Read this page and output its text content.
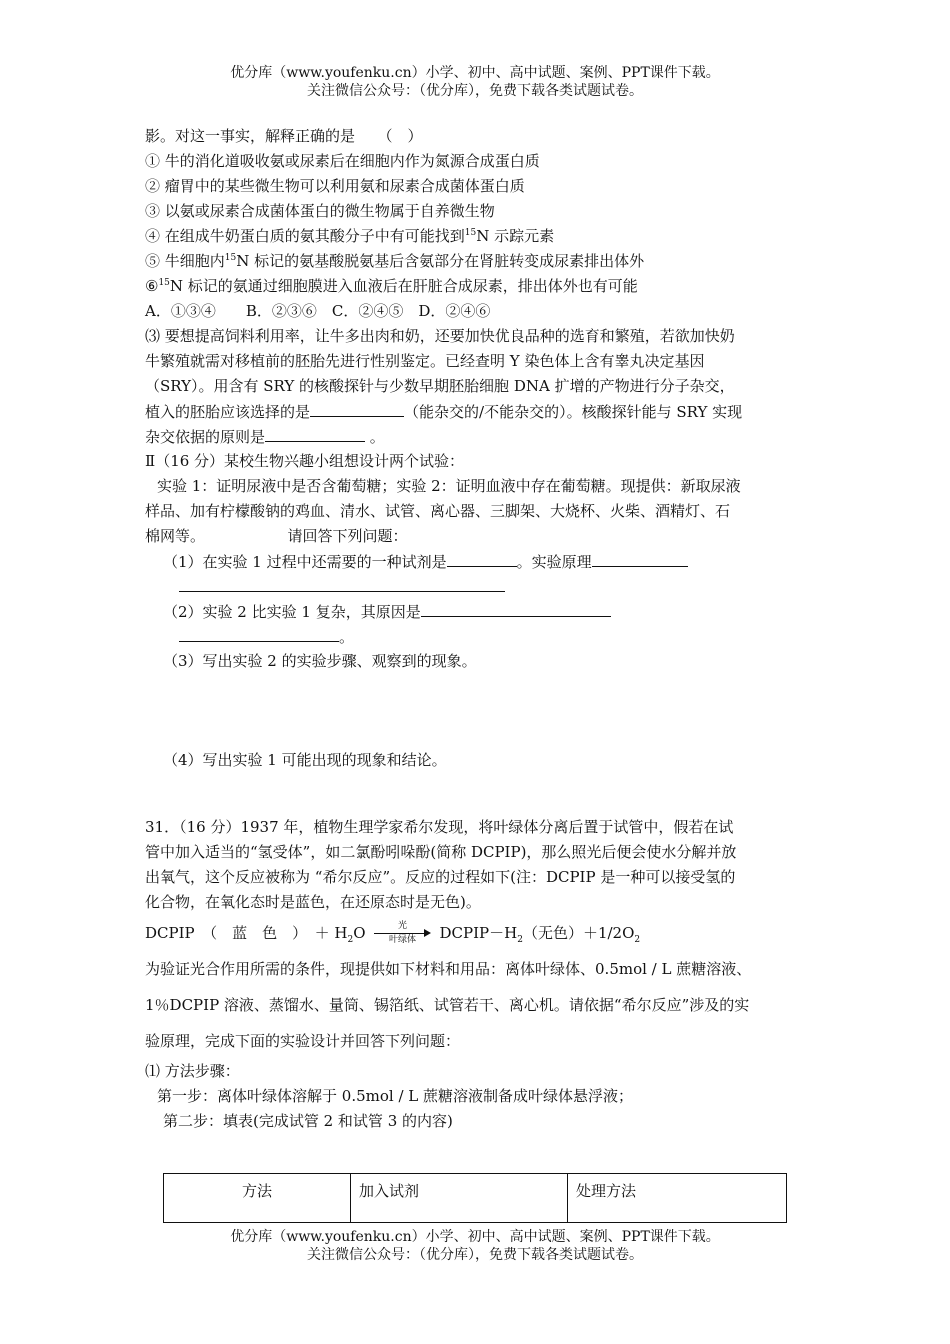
优分库（www.youfenku.cn）小学、初中、高中试题、案例、PPT课件下载。
关注微信公众号：（优分库），免费下载各类试题试卷。
影。对这一事实，解释正确的是　　（　）
① 牛的消化道吸收氨或尿素后在细胞内作为氮源合成蛋白质
② 瘤胃中的某些微生物可以利用氨和尿素合成菌体蛋白质
③ 以氨或尿素合成菌体蛋白的微生物属于自养微生物
④ 在组成牛奶蛋白质的氨其酸分子中有可能找到$^{15}$N 示踪元素
⑤ 牛细胞内$^{15}$N 标记的氨基酸脱氨基后含氨部分在肾脏转变成尿素排出体外
⑥$^{15}$N 标记的氨通过细胞膜进入血液后在肝脏合成尿素，排出体外也有可能
A．①③④　　B．②③⑥　C．②④⑤　D．②④⑥
⑶ 要想提高饲料利用率，让牛多出肉和奶，还要加快优良品种的选育和繁殖，若欲加快奶
牛繁殖就需对移植前的胚胎先进行性别鉴定。已经查明 Y 染色体上含有睾丸决定基因
（SRY）。用含有 SRY 的核酸探针与少数早期胚胎细胞 DNA 扩增的产物进行分子杂交，
植入的胚胎应该选择的是	（能杂交的/不能杂交的）。核酸探针能与 SRY 实现
杂交依据的原则是	。
Ⅱ（16 分）某校生物兴趣小组想设计两个试验：
实验 1：证明尿液中是否含葡萄糖；实验 2：证明血液中存在葡萄糖。现提供：新取尿液
样品、加有柠檬酸钠的鸡血、清水、试管、离心器、三脚架、大烧杯、火柴、酒精灯、石
棉网等。　　　　　　请回答下列问题：
（1）在实验 1 过程中还需要的一种试剂是	。实验原理
（2）实验 2 比实验 1 复杂，其原因是
。
（3）写出实验 2 的实验步骤、观察到的现象。
（4）写出实验 1 可能出现的现象和结论。
31．（16 分）1937 年，植物生理学家希尔发现，将叶绿体分离后置于试管中，假若在试
管中加入适当的“氢受体”，如二氯酚吲哚酚(简称 DCPIP)，那么照光后便会使水分解并放
出氧气，这个反应被称为 “希尔反应”。反应的过程如下(注：DCPIP 是一种可以接受氢的
化合物，在氧化态时是蓝色，在还原态时是无色)。
DCPIP　（　蓝　色　）　＋ $H_2O$	光
叶绿体	$DCPIP-H_2$（无色）$+1/2O_2$
为验证光合作用所需的条件，现提供如下材料和用品：离体叶绿体、0.5mol / L 蔗糖溶液、
1％DCPIP 溶液、蒸馏水、量筒、锡箔纸、试管若干、离心机。请依据“希尔反应”涉及的实
验原理，完成下面的实验设计并回答下列问题：
⑴ 方法步骤：
第一步：离体叶绿体溶解于 0.5mol / L 蔗糖溶液制备成叶绿体悬浮液；
第二步：填表(完成试管 2 和试管 3 的内容)
方法	加入试剂	处理方法
优分库（www.youfenku.cn）小学、初中、高中试题、案例、PPT课件下载。
关注微信公众号：（优分库），免费下载各类试题试卷。
